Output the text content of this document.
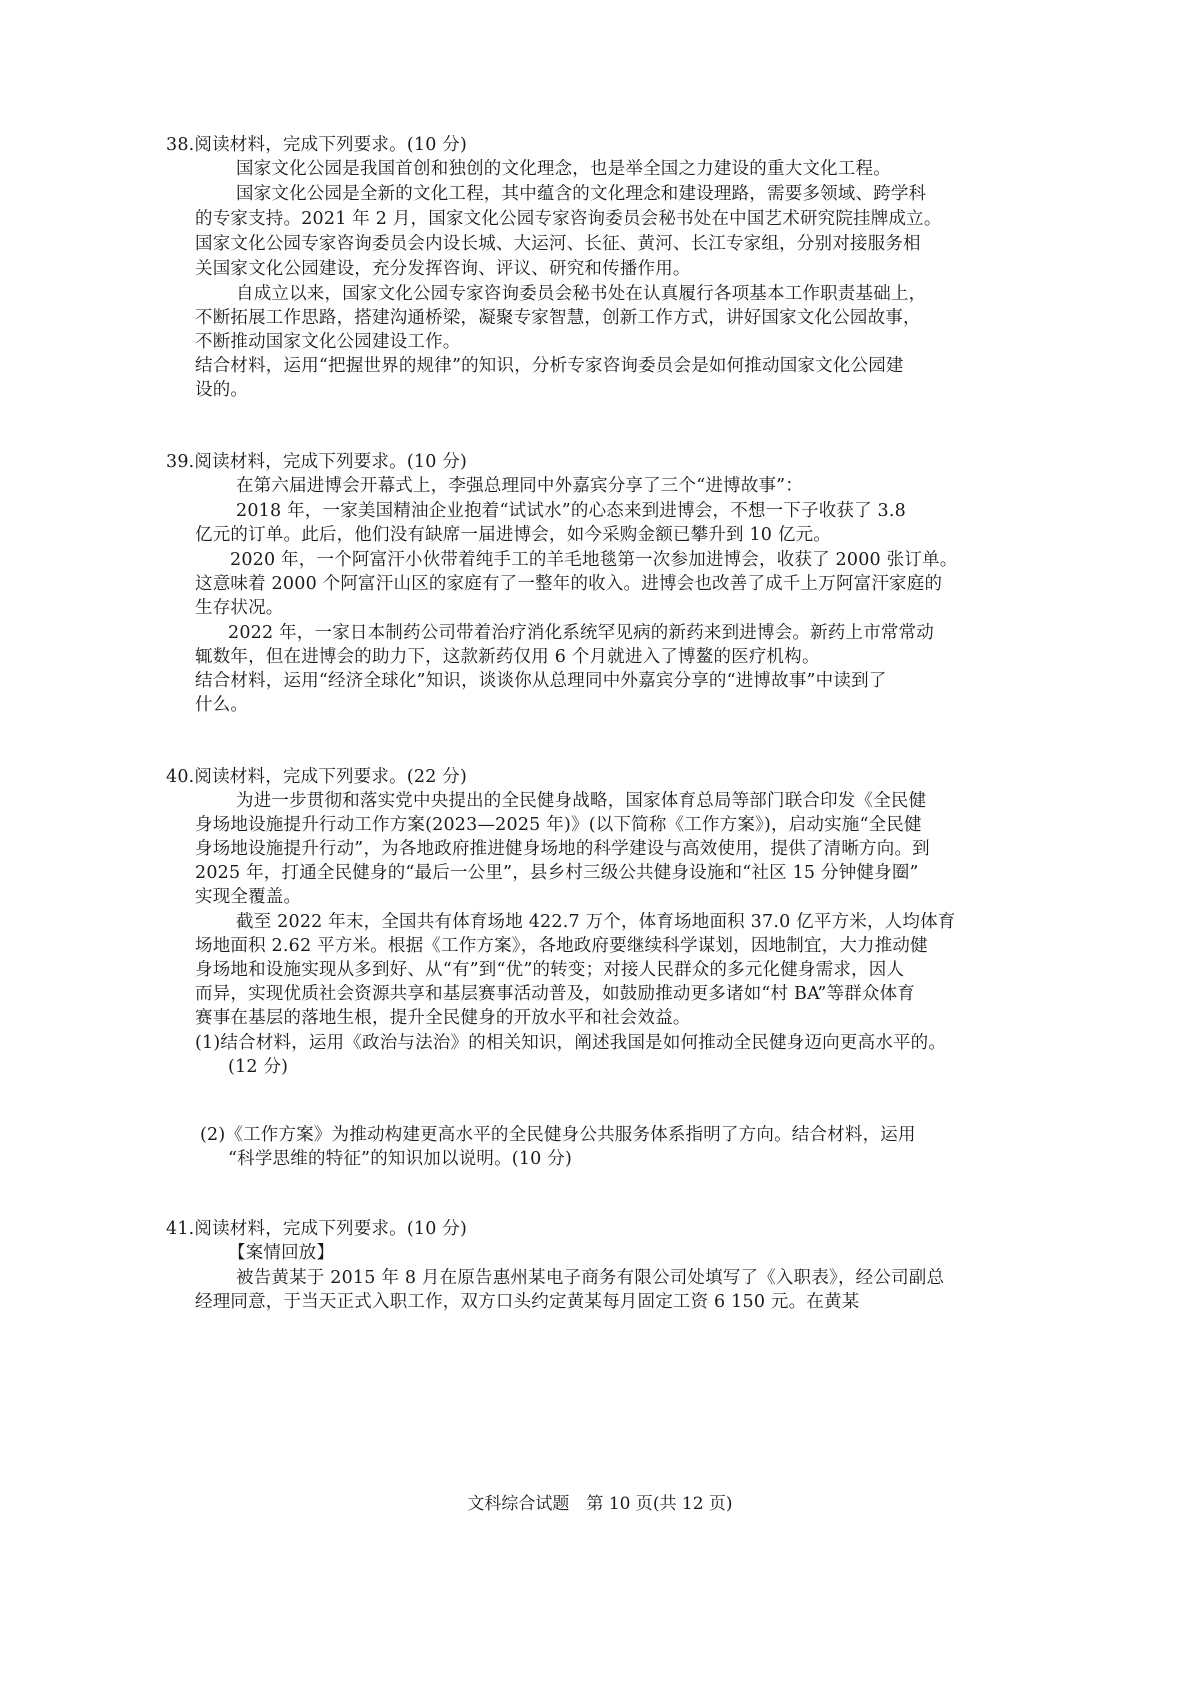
38.阅读材料，完成下列要求。(10 分)
国家文化公园是我国首创和独创的文化理念，也是举全国之力建设的重大文化工程。
国家文化公园是全新的文化工程，其中蕴含的文化理念和建设理路，需要多领域、跨学科
的专家支持。2021 年 2 月，国家文化公园专家咨询委员会秘书处在中国艺术研究院挂牌成立。
国家文化公园专家咨询委员会内设长城、大运河、长征、黄河、长江专家组，分别对接服务相
关国家文化公园建设，充分发挥咨询、评议、研究和传播作用。
自成立以来，国家文化公园专家咨询委员会秘书处在认真履行各项基本工作职责基础上，
不断拓展工作思路，搭建沟通桥梁，凝聚专家智慧，创新工作方式，讲好国家文化公园故事，
不断推动国家文化公园建设工作。
结合材料，运用“把握世界的规律”的知识，分析专家咨询委员会是如何推动国家文化公园建
设的。
39.阅读材料，完成下列要求。(10 分)
在第六届进博会开幕式上，李强总理同中外嘉宾分享了三个“进博故事”：
2018 年，一家美国精油企业抱着“试试水”的心态来到进博会，不想一下子收获了 3.8
亿元的订单。此后，他们没有缺席一届进博会，如今采购金额已攀升到 10 亿元。
2020 年，一个阿富汗小伙带着纯手工的羊毛地毯第一次参加进博会，收获了 2000 张订单。
这意味着 2000 个阿富汗山区的家庭有了一整年的收入。进博会也改善了成千上万阿富汗家庭的
生存状况。
2022 年，一家日本制药公司带着治疗消化系统罕见病的新药来到进博会。新药上市常常动
辄数年，但在进博会的助力下，这款新药仅用 6 个月就进入了博鳌的医疗机构。
结合材料，运用“经济全球化”知识，谈谈你从总理同中外嘉宾分享的“进博故事”中读到了
什么。
40.阅读材料，完成下列要求。(22 分)
为进一步贯彻和落实党中央提出的全民健身战略，国家体育总局等部门联合印发《全民健
身场地设施提升行动工作方案(2023—2025 年)》(以下简称《工作方案》)，启动实施“全民健
身场地设施提升行动”，为各地政府推进健身场地的科学建设与高效使用，提供了清晰方向。到
2025 年，打通全民健身的“最后一公里”，县乡村三级公共健身设施和“社区 15 分钟健身圈”
实现全覆盖。
截至 2022 年末，全国共有体育场地 422.7 万个，体育场地面积 37.0 亿平方米，人均体育
场地面积 2.62 平方米。根据《工作方案》，各地政府要继续科学谋划，因地制宜，大力推动健
身场地和设施实现从多到好、从“有”到“优”的转变；对接人民群众的多元化健身需求，因人
而异，实现优质社会资源共享和基层赛事活动普及，如鼓励推动更多诸如“村 BA”等群众体育
赛事在基层的落地生根，提升全民健身的开放水平和社会效益。
(1)结合材料，运用《政治与法治》的相关知识，阐述我国是如何推动全民健身迈向更高水平的。
(12 分)
(2)《工作方案》为推动构建更高水平的全民健身公共服务体系指明了方向。结合材料，运用
“科学思维的特征”的知识加以说明。(10 分)
41.阅读材料，完成下列要求。(10 分)
【案情回放】
被告黄某于 2015 年 8 月在原告惠州某电子商务有限公司处填写了《入职表》，经公司副总
经理同意，于当天正式入职工作，双方口头约定黄某每月固定工资 6 150 元。在黄某
文科综合试题　第 10 页(共 12 页)
